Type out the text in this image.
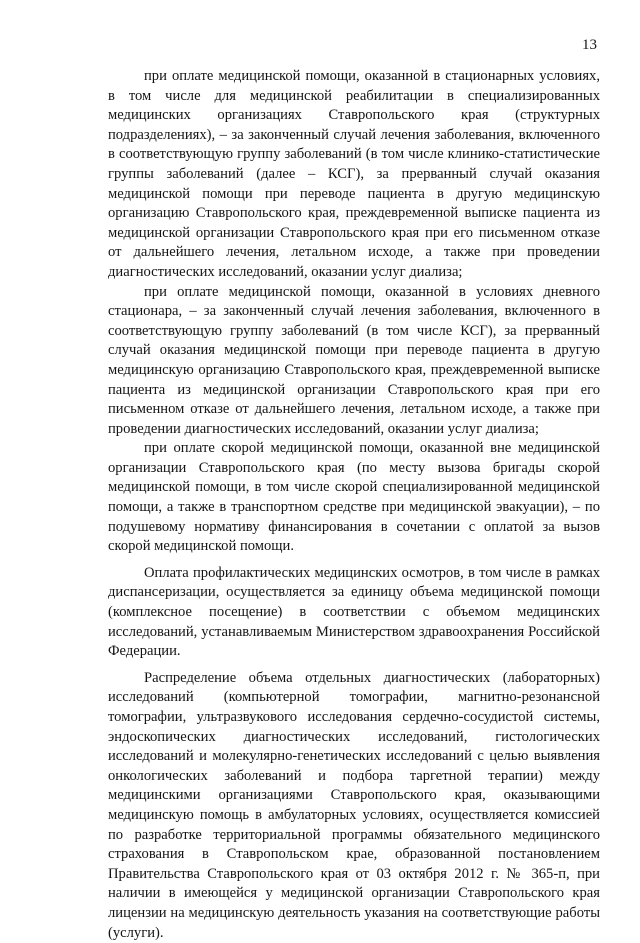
13

при оплате медицинской помощи, оказанной в стационарных условиях, в том числе для медицинской реабилитации в специализированных медицинских организациях Ставропольского края (структурных подразделениях), – за законченный случай лечения заболевания, включенного в соответствующую группу заболеваний (в том числе клинико-статистические группы заболеваний (далее – КСГ), за прерванный случай оказания медицинской помощи при переводе пациента в другую медицинскую организацию Ставропольского края, преждевременной выписке пациента из медицинской организации Ставропольского края при его письменном отказе от дальнейшего лечения, летальном исходе, а также при проведении диагностических исследований, оказании услуг диализа;

при оплате медицинской помощи, оказанной в условиях дневного стационара, – за законченный случай лечения заболевания, включенного в соответствующую группу заболеваний (в том числе КСГ), за прерванный случай оказания медицинской помощи при переводе пациента в другую медицинскую организацию Ставропольского края, преждевременной выписке пациента из медицинской организации Ставропольского края при его письменном отказе от дальнейшего лечения, летальном исходе, а также при проведении диагностических исследований, оказании услуг диализа;

при оплате скорой медицинской помощи, оказанной вне медицинской организации Ставропольского края (по месту вызова бригады скорой медицинской помощи, в том числе скорой специализированной медицинской помощи, а также в транспортном средстве при медицинской эвакуации), – по подушевому нормативу финансирования в сочетании с оплатой за вызов скорой медицинской помощи.

Оплата профилактических медицинских осмотров, в том числе в рамках диспансеризации, осуществляется за единицу объема медицинской помощи (комплексное посещение) в соответствии с объемом медицинских исследований, устанавливаемым Министерством здравоохранения Российской Федерации.

Распределение объема отдельных диагностических (лабораторных) исследований (компьютерной томографии, магнитно-резонансной томографии, ультразвукового исследования сердечно-сосудистой системы, эндоскопических диагностических исследований, гистологических исследований и молекулярно-генетических исследований с целью выявления онкологических заболеваний и подбора таргетной терапии) между медицинскими организациями Ставропольского края, оказывающими медицинскую помощь в амбулаторных условиях, осуществляется комиссией по разработке территориальной программы обязательного медицинского страхования в Ставропольском крае, образованной постановлением Правительства Ставропольского края от 03 октября 2012 г. № 365-п, при наличии в имеющейся у медицинской организации Ставропольского края лицензии на медицинскую деятельность указания на соответствующие работы (услуги).
